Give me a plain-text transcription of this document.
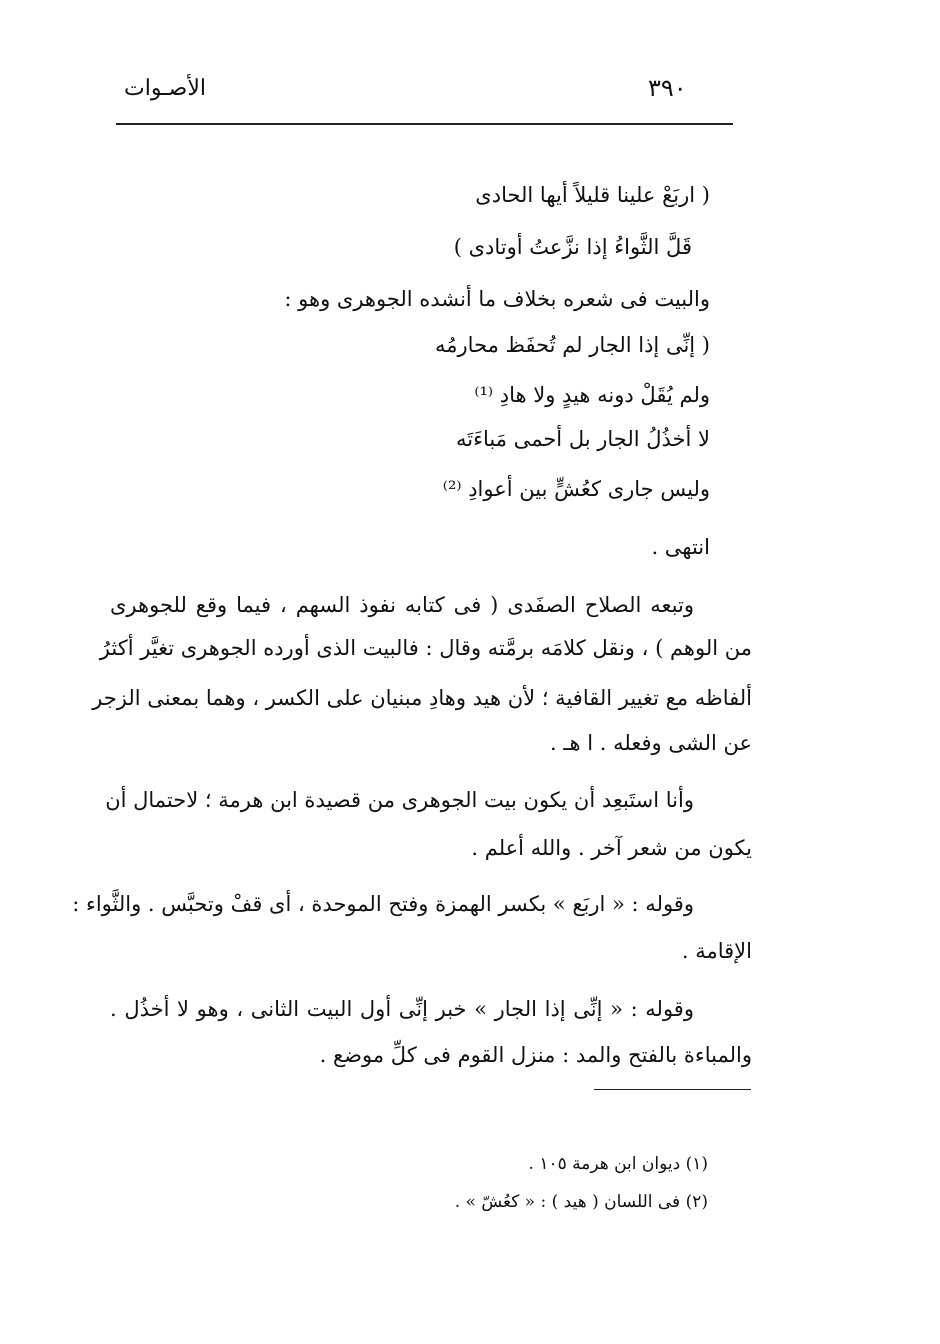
٣٩٠
الأصـوات
( اربَعْ علينا قليلاً أيها الحادى
قَلَّ الثَّواءُ إذا نزَّعتُ أوتادى )
والبيت فى شعره بخلاف ما أنشده الجوهرى وهو :
( إنِّى إذا الجار لم تُحفَظ محارمُه
ولم يُقَلْ دونه هيدٍ ولا هادِ ⁽¹⁾
لا أخذُلُ الجار بل أحمى مَباءَتَه
وليس جارى كعُشٍّ بين أعوادِ ⁽²⁾
انتهى .
وتبعه الصلاح الصفَدى ( فى كتابه نفوذ السهم ، فيما وقع للجوهرى
من الوهم ) ، ونقل كلامَه برمَّته وقال : فالبيت الذى أورده الجوهرى تغيَّر أكثرُ
ألفاظه مع تغيير القافية ؛ لأن هيد وهادِ مبنيان على الكسر ، وهما بمعنى الزجر
عن الشى وفعله . ا هـ .
وأنا استَبعِد أن يكون بيت الجوهرى من قصيدة ابن هرمة ؛ لاحتمال أن
يكون من شعر آخر . والله أعلم .
وقوله : « اربَع » بكسر الهمزة وفتح الموحدة ، أى قفْ وتحبَّس . والثَّواء :
الإقامة .
وقوله : « إنِّى إذا الجار » خبر إنِّى أول البيت الثانى ، وهو لا أخذُل .
والمباءة بالفتح والمد : منزل القوم فى كلِّ موضع .
(١) ديوان ابن هرمة ١٠٥ .
(٢) فى اللسان ( هيد ) : « كعُشّ » .
